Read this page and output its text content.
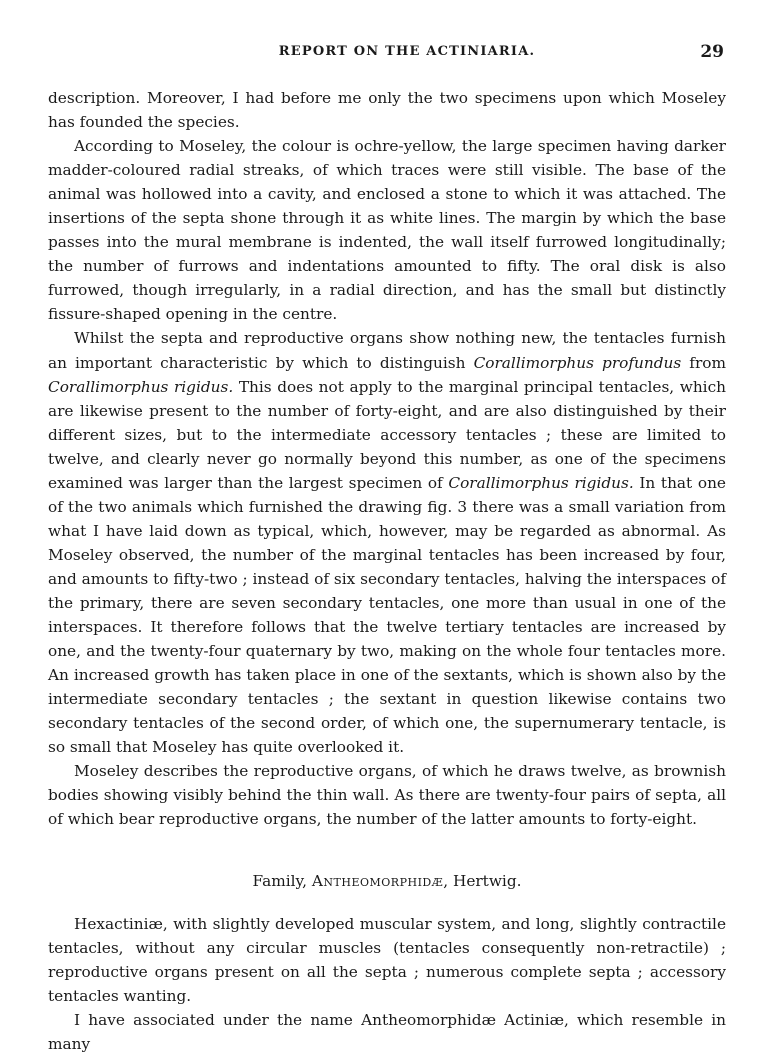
REPORT ON THE ACTINIARIA.	29

description. Moreover, I had before me only the two specimens upon which Moseley has founded the species.

According to Moseley, the colour is ochre-yellow, the large specimen having darker madder-coloured radial streaks, of which traces were still visible. The base of the animal was hollowed into a cavity, and enclosed a stone to which it was attached. The insertions of the septa shone through it as white lines. The margin by which the base passes into the mural membrane is indented, the wall itself furrowed longitudinally; the number of furrows and indentations amounted to fifty. The oral disk is also furrowed, though irregularly, in a radial direction, and has the small but distinctly fissure-shaped opening in the centre.

Whilst the septa and reproductive organs show nothing new, the tentacles furnish an important characteristic by which to distinguish Corallimorphus profundus from Corallimorphus rigidus. This does not apply to the marginal principal tentacles, which are likewise present to the number of forty-eight, and are also distinguished by their different sizes, but to the intermediate accessory tentacles ; these are limited to twelve, and clearly never go normally beyond this number, as one of the specimens examined was larger than the largest specimen of Corallimorphus rigidus. In that one of the two animals which furnished the drawing fig. 3 there was a small variation from what I have laid down as typical, which, however, may be regarded as abnormal. As Moseley observed, the number of the marginal tentacles has been increased by four, and amounts to fifty-two ; instead of six secondary tentacles, halving the interspaces of the primary, there are seven secondary tentacles, one more than usual in one of the interspaces. It therefore follows that the twelve tertiary tentacles are increased by one, and the twenty-four quaternary by two, making on the whole four tentacles more. An increased growth has taken place in one of the sextants, which is shown also by the intermediate secondary tentacles ; the sextant in question likewise contains two secondary tentacles of the second order, of which one, the supernumerary tentacle, is so small that Moseley has quite overlooked it.

Moseley describes the reproductive organs, of which he draws twelve, as brownish bodies showing visibly behind the thin wall. As there are twenty-four pairs of septa, all of which bear reproductive organs, the number of the latter amounts to forty-eight.

Family, Antheomorphidæ, Hertwig.

Hexactiniæ, with slightly developed muscular system, and long, slightly contractile tentacles, without any circular muscles (tentacles consequently non-retractile) ; reproductive organs present on all the septa ; numerous complete septa ; accessory tentacles wanting.

I have associated under the name Antheomorphidæ Actiniæ, which resemble in many
